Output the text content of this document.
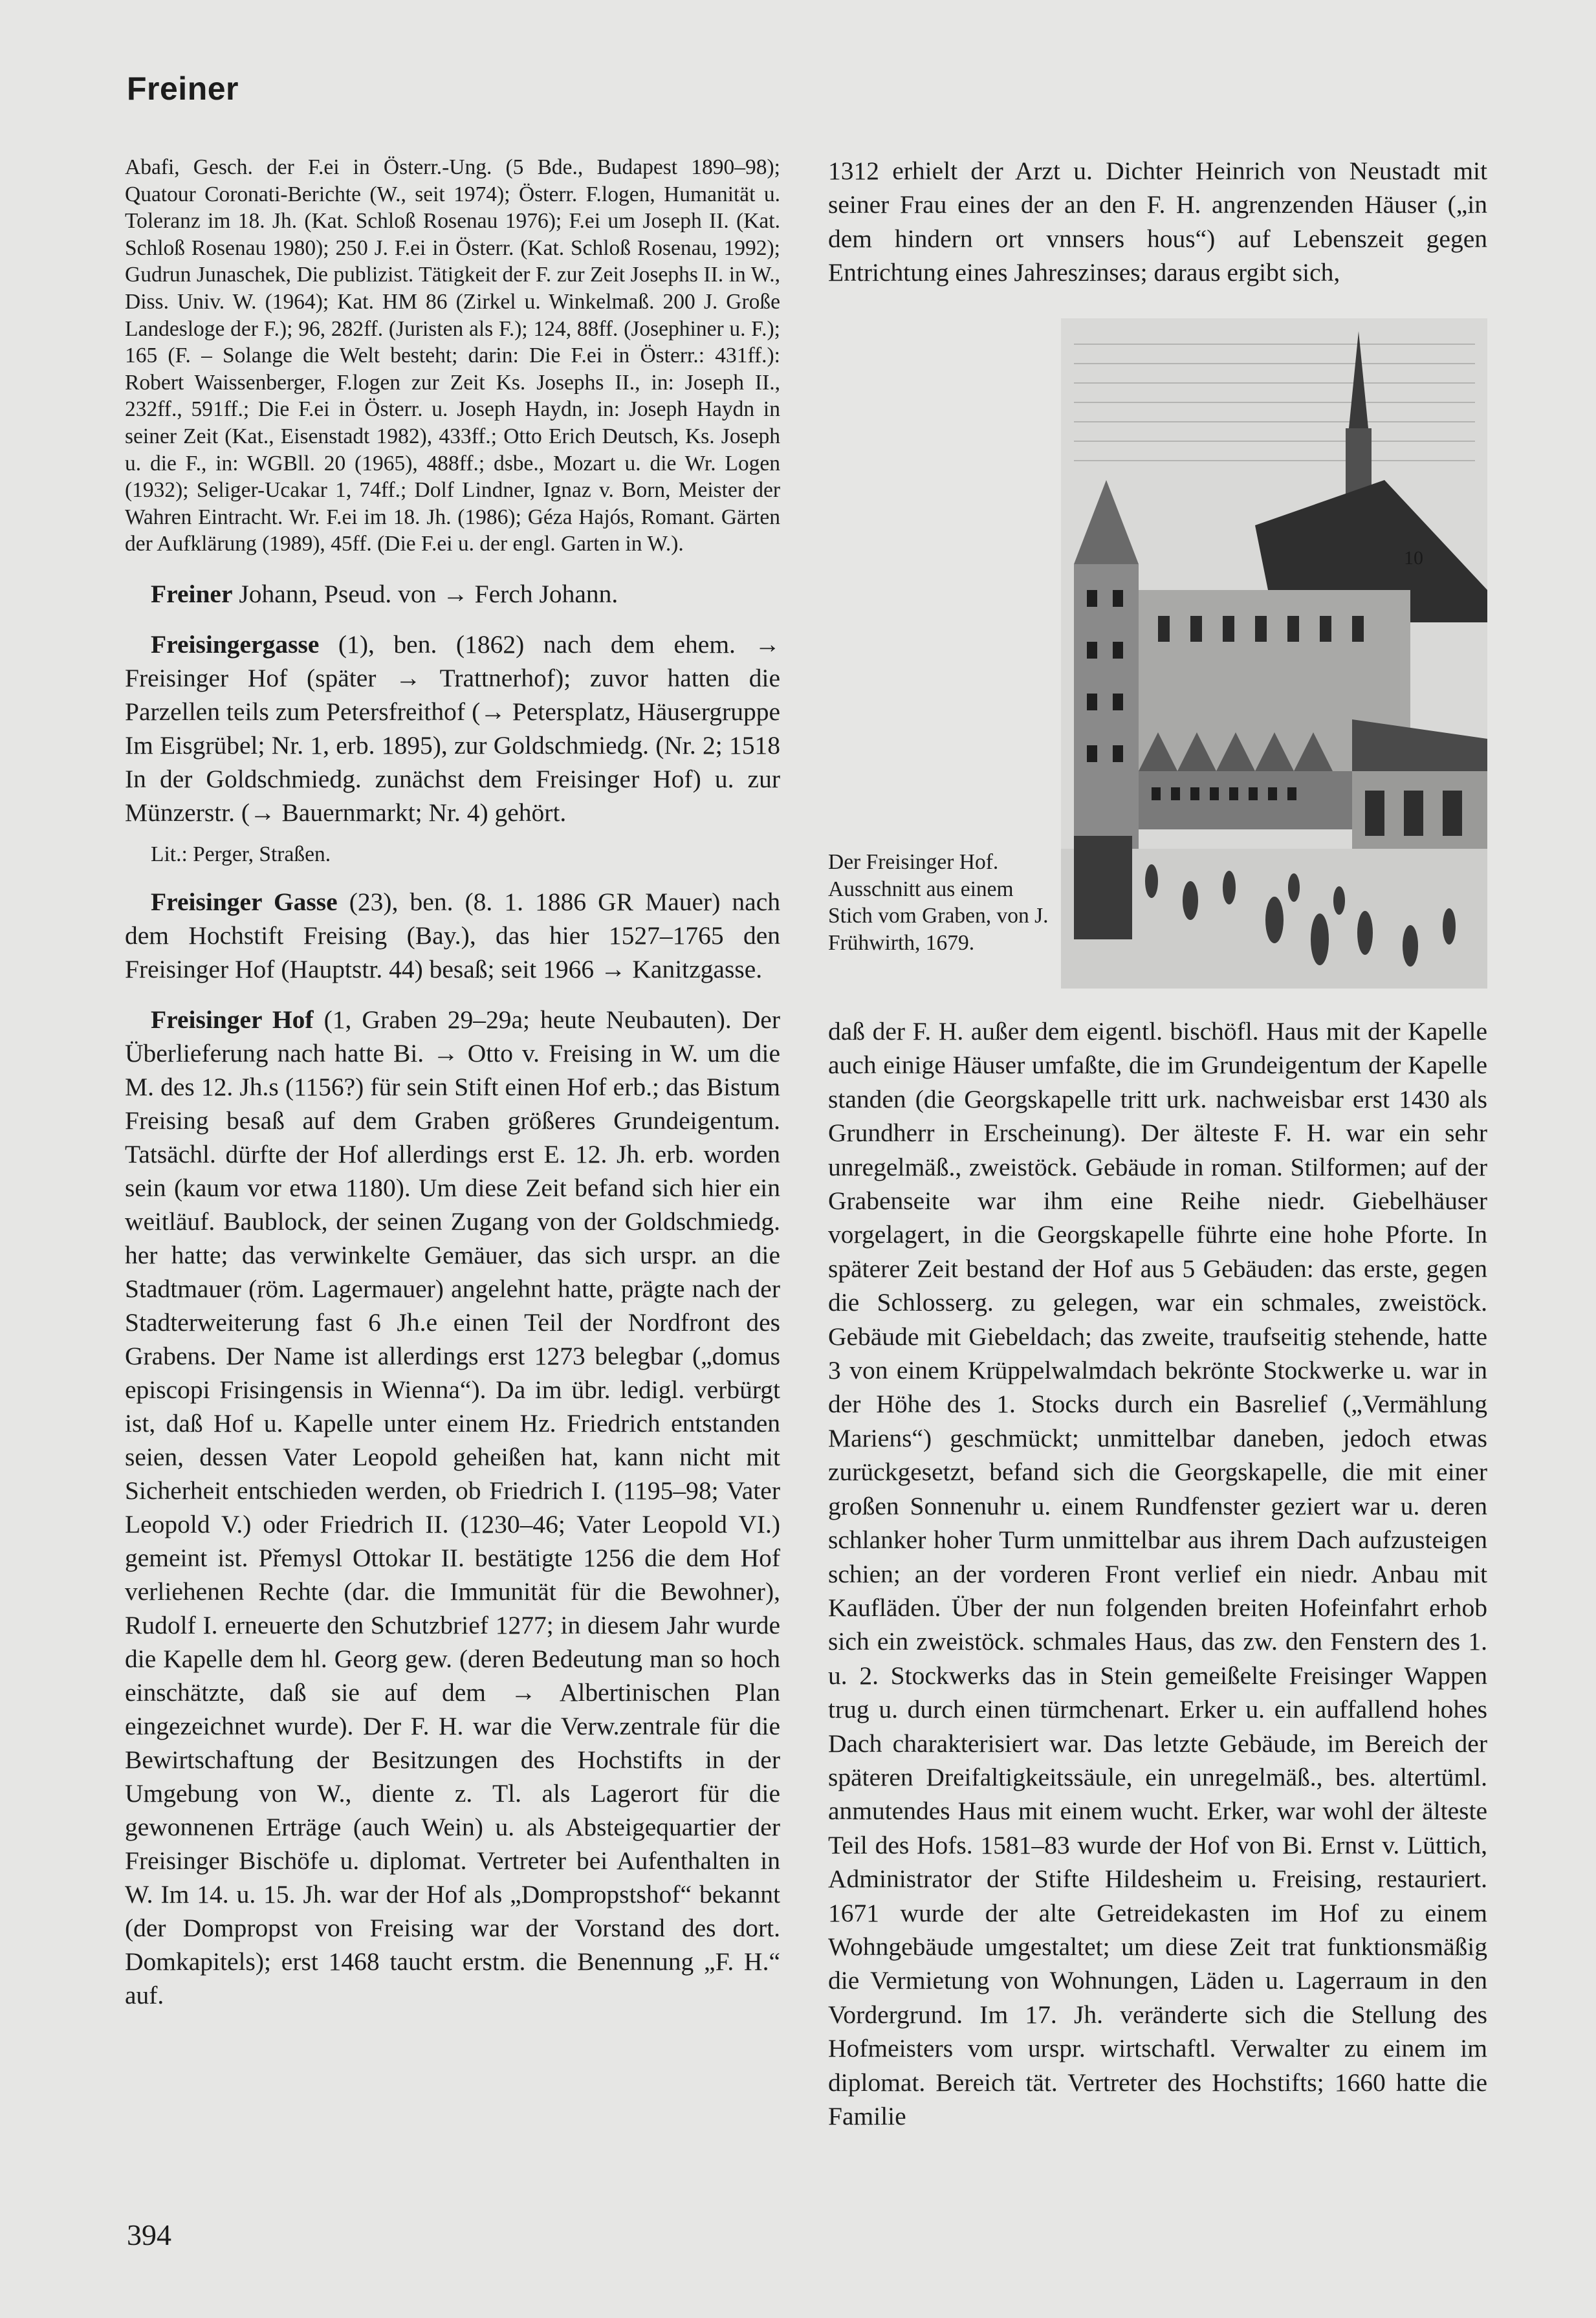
Freiner

Abafi, Gesch. der F.ei in Österr.-Ung. (5 Bde., Budapest 1890–98); Quatour Coronati-Berichte (W., seit 1974); Österr. F.logen, Humanität u. Toleranz im 18. Jh. (Kat. Schloß Rosenau 1976); F.ei um Joseph II. (Kat. Schloß Rosenau 1980); 250 J. F.ei in Österr. (Kat. Schloß Rosenau, 1992); Gudrun Junaschek, Die publizist. Tätigkeit der F. zur Zeit Josephs II. in W., Diss. Univ. W. (1964); Kat. HM 86 (Zirkel u. Winkelmaß. 200 J. Große Landesloge der F.); 96, 282ff. (Juristen als F.); 124, 88ff. (Josephiner u. F.); 165 (F. – Solange die Welt besteht; darin: Die F.ei in Österr.: 431ff.): Robert Waissenberger, F.logen zur Zeit Ks. Josephs II., in: Joseph II., 232ff., 591ff.; Die F.ei in Österr. u. Joseph Haydn, in: Joseph Haydn in seiner Zeit (Kat., Eisenstadt 1982), 433ff.; Otto Erich Deutsch, Ks. Joseph u. die F., in: WGBll. 20 (1965), 488ff.; dsbe., Mozart u. die Wr. Logen (1932); Seliger-Ucakar 1, 74ff.; Dolf Lindner, Ignaz v. Born, Meister der Wahren Eintracht. Wr. F.ei im 18. Jh. (1986); Géza Hajós, Romant. Gärten der Aufklärung (1989), 45ff. (Die F.ei u. der engl. Garten in W.).

Freiner Johann, Pseud. von → Ferch Johann.

Freisingergasse (1), ben. (1862) nach dem ehem. → Freisinger Hof (später → Trattnerhof); zuvor hatten die Parzellen teils zum Petersfreithof (→ Petersplatz, Häusergruppe Im Eisgrübel; Nr. 1, erb. 1895), zur Goldschmiedg. (Nr. 2; 1518 In der Goldschmiedg. zunächst dem Freisinger Hof) u. zur Münzerstr. (→ Bauernmarkt; Nr. 4) gehört.

Lit.: Perger, Straßen.

Freisinger Gasse (23), ben. (8. 1. 1886 GR Mauer) nach dem Hochstift Freising (Bay.), das hier 1527–1765 den Freisinger Hof (Hauptstr. 44) besaß; seit 1966 → Kanitzgasse.

Freisinger Hof (1, Graben 29–29a; heute Neubauten). Der Überlieferung nach hatte Bi. → Otto v. Freising in W. um die M. des 12. Jh.s (1156?) für sein Stift einen Hof erb.; das Bistum Freising besaß auf dem Graben größeres Grundeigentum. Tatsächl. dürfte der Hof allerdings erst E. 12. Jh. erb. worden sein (kaum vor etwa 1180). Um diese Zeit befand sich hier ein weitläuf. Baublock, der seinen Zugang von der Goldschmiedg. her hatte; das verwinkelte Gemäuer, das sich urspr. an die Stadtmauer (röm. Lagermauer) angelehnt hatte, prägte nach der Stadterweiterung fast 6 Jh.e einen Teil der Nordfront des Grabens. Der Name ist allerdings erst 1273 belegbar („domus episcopi Frisingensis in Wienna“). Da im übr. ledigl. verbürgt ist, daß Hof u. Kapelle unter einem Hz. Friedrich entstanden seien, dessen Vater Leopold geheißen hat, kann nicht mit Sicherheit entschieden werden, ob Friedrich I. (1195–98; Vater Leopold V.) oder Friedrich II. (1230–46; Vater Leopold VI.) gemeint ist. Přemysl Ottokar II. bestätigte 1256 die dem Hof verliehenen Rechte (dar. die Immunität für die Bewohner), Rudolf I. erneuerte den Schutzbrief 1277; in diesem Jahr wurde die Kapelle dem hl. Georg gew. (deren Bedeutung man so hoch einschätzte, daß sie auf dem → Albertinischen Plan eingezeichnet wurde). Der F. H. war die Verw.zentrale für die Bewirtschaftung der Besitzungen des Hochstifts in der Umgebung von W., diente z. Tl. als Lagerort für die gewonnenen Erträge (auch Wein) u. als Absteigequartier der Freisinger Bischöfe u. diplomat. Vertreter bei Aufenthalten in W. Im 14. u. 15. Jh. war der Hof als „Dompropstshof“ bekannt (der Dompropst von Freising war der Vorstand des dort. Domkapitels); erst 1468 taucht erstm. die Benennung „F. H.“ auf.

1312 erhielt der Arzt u. Dichter Heinrich von Neustadt mit seiner Frau eines der an den F. H. angrenzenden Häuser („in dem hindern ort vnnsers hous“) auf Lebenszeit gegen Entrichtung eines Jahreszinses; daraus ergibt sich,

Der Freisinger Hof. Ausschnitt aus einem Stich vom Graben, von J. Frühwirth, 1679.
10

daß der F. H. außer dem eigentl. bischöfl. Haus mit der Kapelle auch einige Häuser umfaßte, die im Grundeigentum der Kapelle standen (die Georgskapelle tritt urk. nachweisbar erst 1430 als Grundherr in Erscheinung). Der älteste F. H. war ein sehr unregelmäß., zweistöck. Gebäude in roman. Stilformen; auf der Grabenseite war ihm eine Reihe niedr. Giebelhäuser vorgelagert, in die Georgskapelle führte eine hohe Pforte. In späterer Zeit bestand der Hof aus 5 Gebäuden: das erste, gegen die Schlosserg. zu gelegen, war ein schmales, zweistöck. Gebäude mit Giebeldach; das zweite, traufseitig stehende, hatte 3 von einem Krüppelwalmdach bekrönte Stockwerke u. war in der Höhe des 1. Stocks durch ein Basrelief („Vermählung Mariens“) geschmückt; unmittelbar daneben, jedoch etwas zurückgesetzt, befand sich die Georgskapelle, die mit einer großen Sonnenuhr u. einem Rundfenster geziert war u. deren schlanker hoher Turm unmittelbar aus ihrem Dach aufzusteigen schien; an der vorderen Front verlief ein niedr. Anbau mit Kaufläden. Über der nun folgenden breiten Hofeinfahrt erhob sich ein zweistöck. schmales Haus, das zw. den Fenstern des 1. u. 2. Stockwerks das in Stein gemeißelte Freisinger Wappen trug u. durch einen türmchenart. Erker u. ein auffallend hohes Dach charakterisiert war. Das letzte Gebäude, im Bereich der späteren Dreifaltigkeitssäule, ein unregelmäß., bes. altertüml. anmutendes Haus mit einem wucht. Erker, war wohl der älteste Teil des Hofs. 1581–83 wurde der Hof von Bi. Ernst v. Lüttich, Administrator der Stifte Hildesheim u. Freising, restauriert. 1671 wurde der alte Getreidekasten im Hof zu einem Wohngebäude umgestaltet; um diese Zeit trat funktionsmäßig die Vermietung von Wohnungen, Läden u. Lagerraum in den Vordergrund. Im 17. Jh. veränderte sich die Stellung des Hofmeisters vom urspr. wirtschaftl. Verwalter zu einem im diplomat. Bereich tät. Vertreter des Hochstifts; 1660 hatte die Familie

394
